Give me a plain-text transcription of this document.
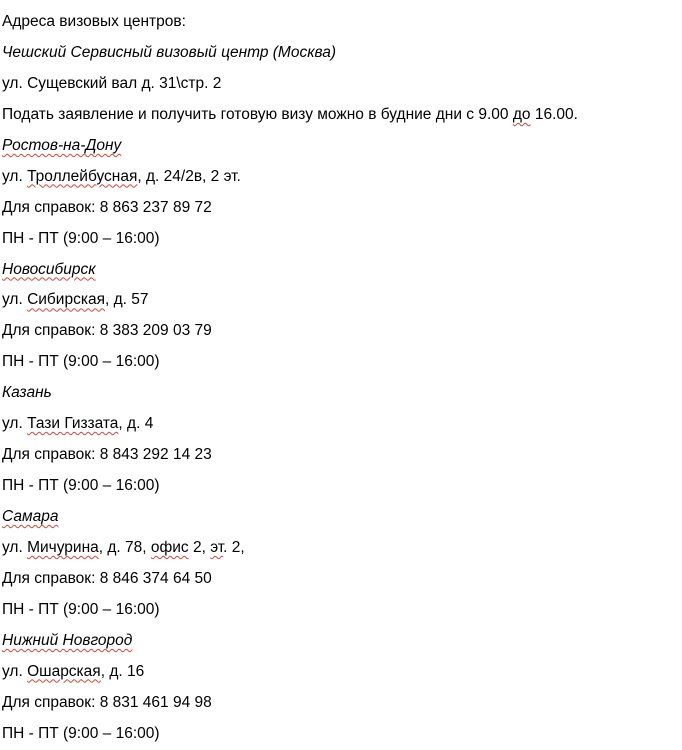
Адреса визовых центров:
Чешский Сервисный визовый центр (Москва)
ул. Сущевский вал д. 31\стр. 2
Подать заявление и получить готовую визу можно в будние дни с 9.00 до 16.00.
Ростов-на-Дону
ул. Троллейбусная, д. 24/2в, 2 эт.
Для справок: 8 863 237 89 72
ПН - ПТ (9:00 – 16:00)
Новосибирск
ул. Сибирская, д. 57
Для справок: 8 383 209 03 79
ПН - ПТ (9:00 – 16:00)
Казань
ул. Тази Гиззата, д. 4
Для справок: 8 843 292 14 23
ПН - ПТ (9:00 – 16:00)
Самара
ул. Мичурина, д. 78, офис 2, эт. 2,
Для справок: 8 846 374 64 50
ПН - ПТ (9:00 – 16:00)
Нижний Новгород
ул. Ошарская, д. 16
Для справок: 8 831 461 94 98
ПН - ПТ (9:00 – 16:00)
